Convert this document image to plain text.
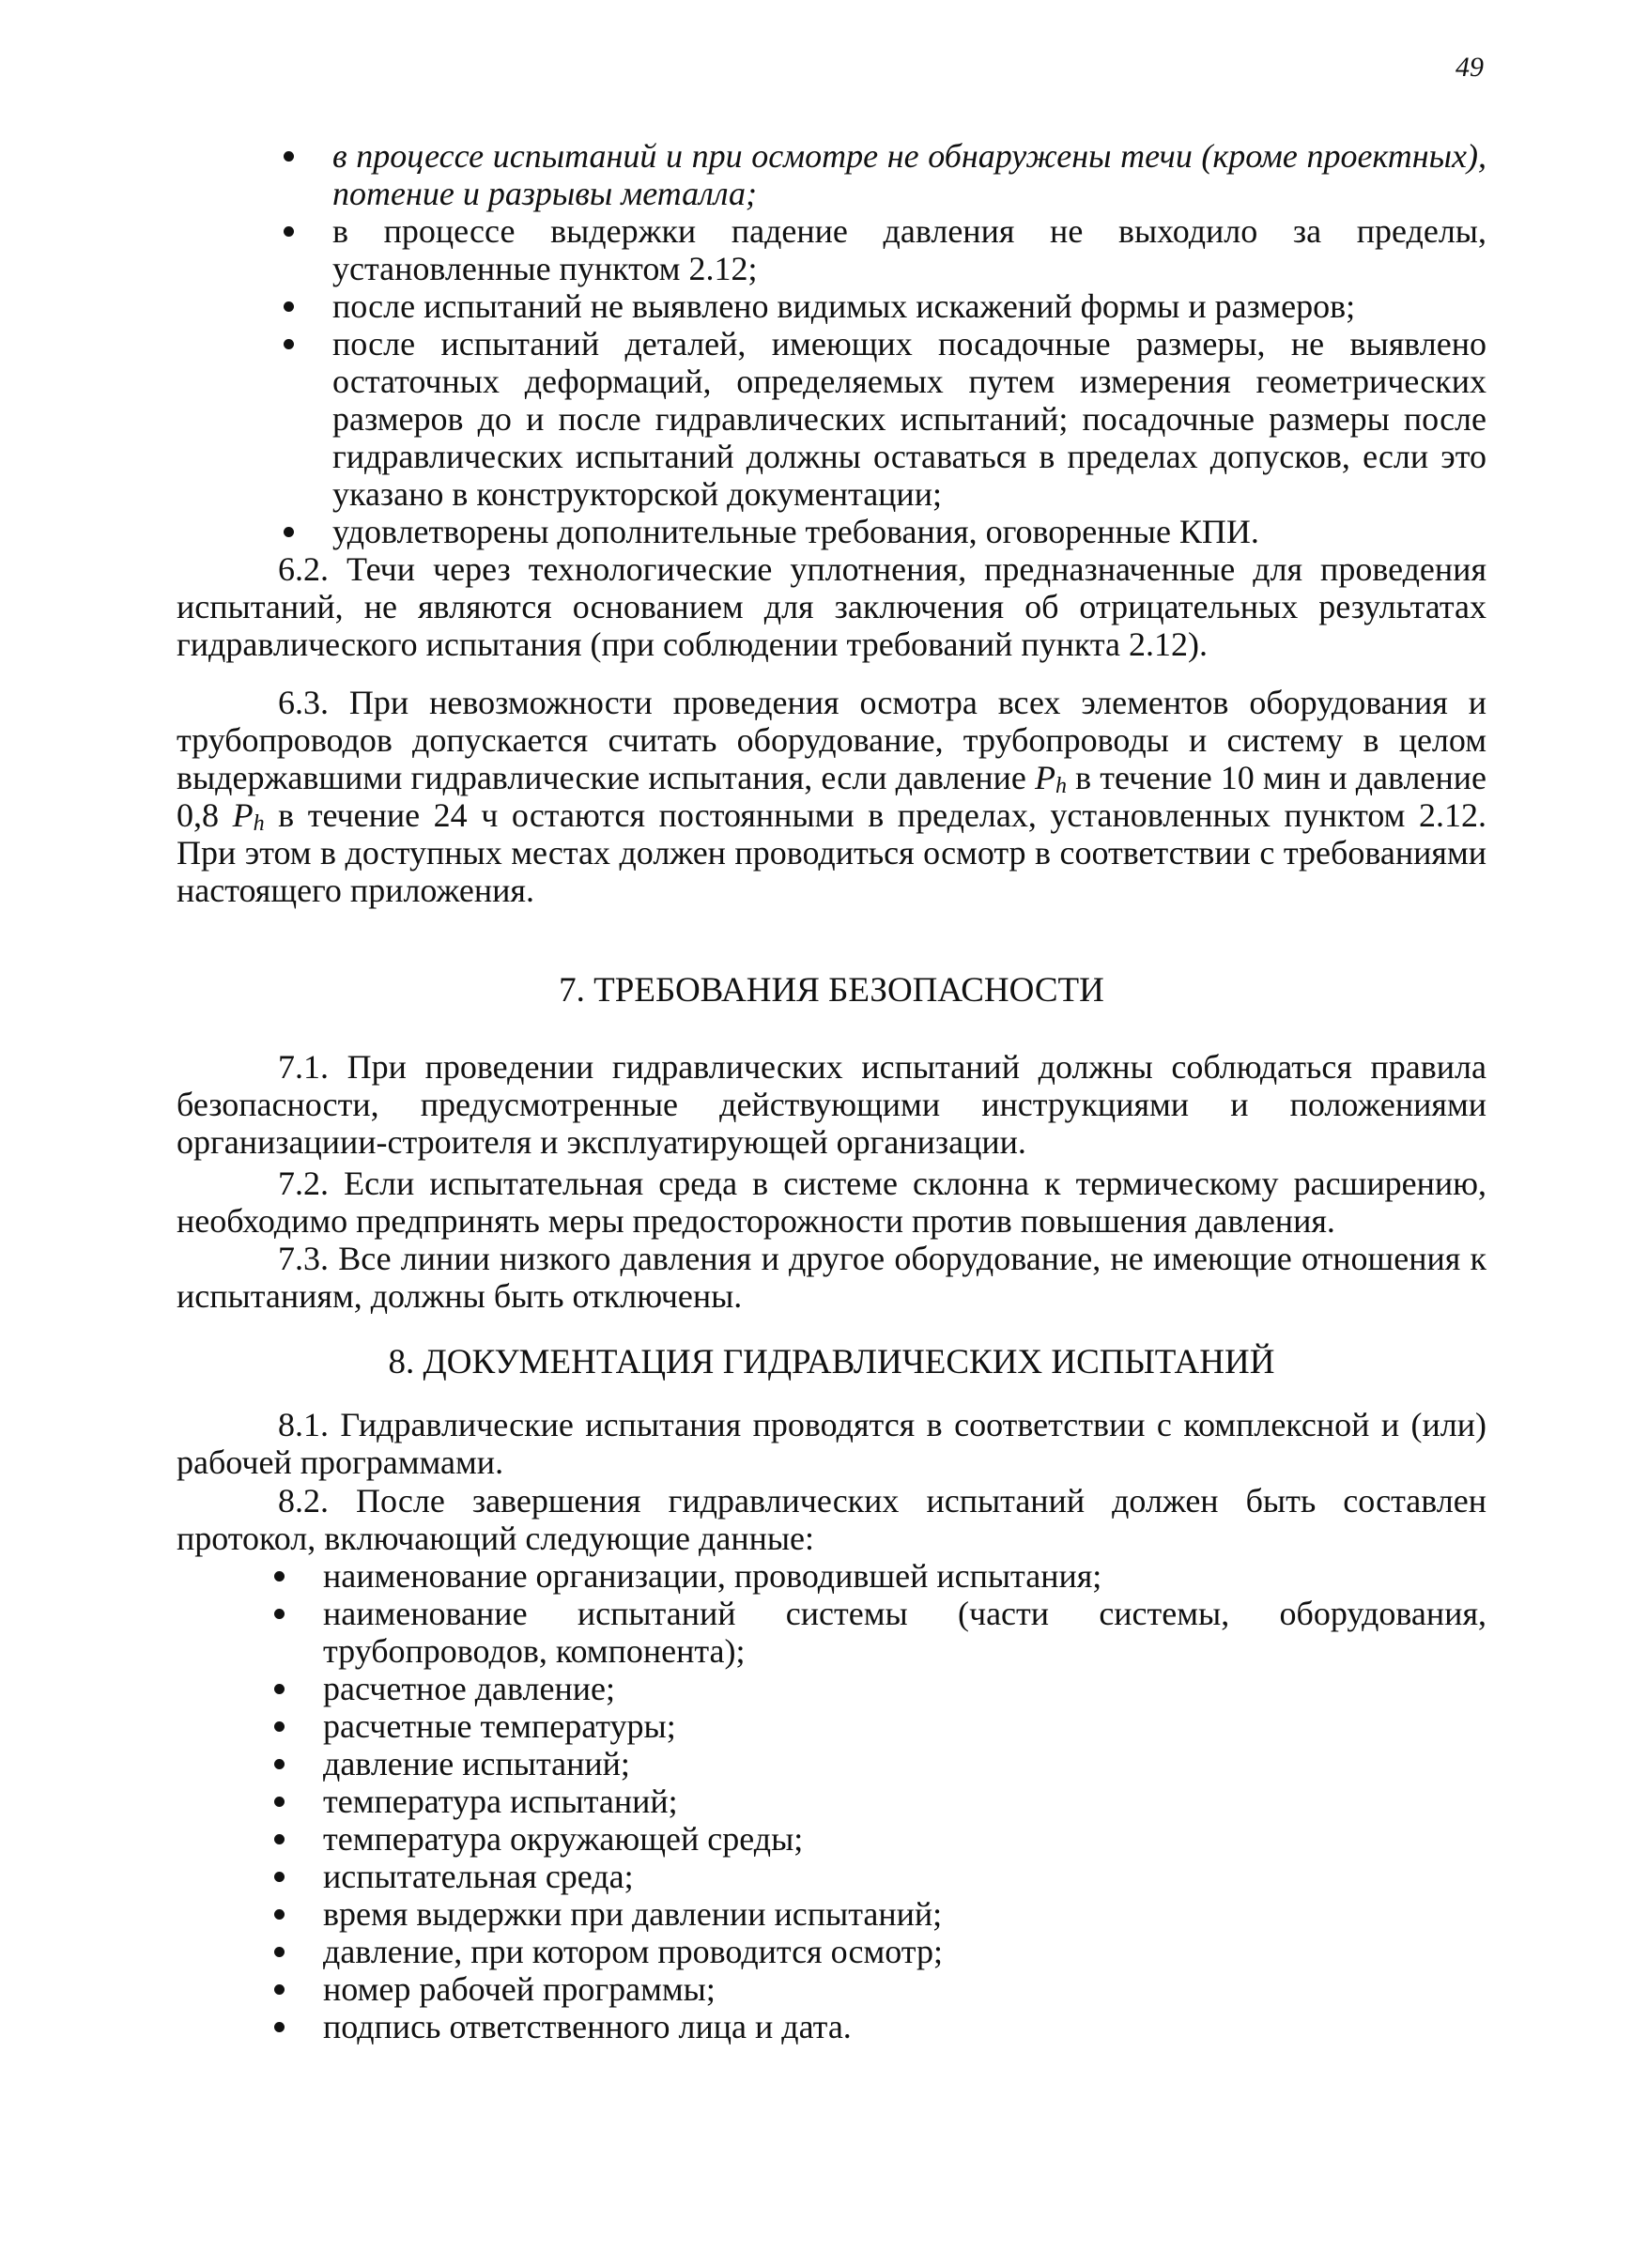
49
в процессе испытаний и при осмотре не обнаружены течи (кроме проектных), потение и разрывы металла;
в процессе выдержки падение давления не выходило за пределы, установленные пунктом 2.12;
после испытаний не выявлено видимых искажений формы и размеров;
после испытаний деталей, имеющих посадочные размеры, не выявлено остаточных деформаций, определяемых путем измерения геометрических размеров до и после гидравлических испытаний; посадочные размеры после гидравлических испытаний должны оставаться в пределах допусков, если это указано в конструкторской документации;
удовлетворены дополнительные требования, оговоренные КПИ.
6.2. Течи через технологические уплотнения, предназначенные для проведения испытаний, не являются основанием для заключения об отрицательных результатах гидравлического испытания (при соблюдении требований пункта 2.12).
6.3. При невозможности проведения осмотра всех элементов оборудования и трубопроводов допускается считать оборудование, трубопроводы и систему в целом выдержавшими гидравлические испытания, если давление $P_h$ в течение 10 мин и давление 0,8 $P_h$ в течение 24 ч остаются постоянными в пределах, установленных пунктом 2.12. При этом в доступных местах должен проводиться осмотр в соответствии с требованиями настоящего приложения.
7. ТРЕБОВАНИЯ БЕЗОПАСНОСТИ
7.1. При проведении гидравлических испытаний должны соблюдаться правила безопасности, предусмотренные действующими инструкциями и положениями организациии-строителя и эксплуатирующей организации.
7.2. Если испытательная среда в системе склонна к термическому расширению, необходимо предпринять меры предосторожности против повышения давления.
7.3. Все линии низкого давления и другое оборудование, не имеющие отношения к испытаниям, должны быть отключены.
8. ДОКУМЕНТАЦИЯ ГИДРАВЛИЧЕСКИХ ИСПЫТАНИЙ
8.1. Гидравлические испытания проводятся в соответствии с комплексной и (или) рабочей программами.
8.2. После завершения гидравлических испытаний должен быть составлен протокол, включающий следующие данные:
наименование организации, проводившей испытания;
наименование испытаний системы (части системы, оборудования, трубопроводов, компонента);
расчетное давление;
расчетные температуры;
давление испытаний;
температура испытаний;
температура окружающей среды;
испытательная среда;
время выдержки при давлении испытаний;
давление, при котором проводится осмотр;
номер рабочей программы;
подпись ответственного лица и дата.
